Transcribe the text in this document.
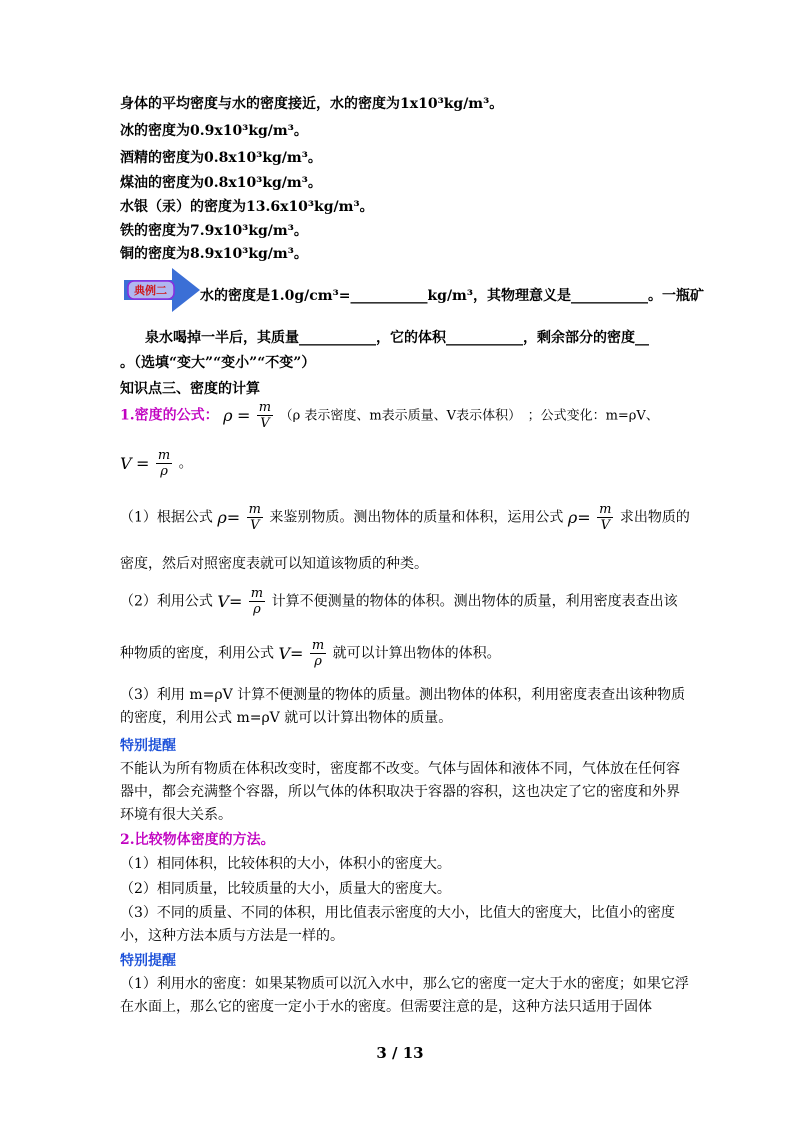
身体的平均密度与水的密度接近，水的密度为1x10³kg/m³。
冰的密度为0.9x10³kg/m³。
酒精的密度为0.8x10³kg/m³。
煤油的密度为0.8x10³kg/m³。
水银（汞）的密度为13.6x10³kg/m³。
铁的密度为7.9x10³kg/m³。
铜的密度为8.9x10³kg/m³。
典例二 水的密度是1.0g/cm³=___________kg/m³，其物理意义是___________。一瓶矿
泉水喝掉一半后，其质量___________，它的体积___________，剩余部分的密度__
。（选填“变大”“变小”“不变”）
知识点三、密度的计算
1.密度的公式： $\rho = \frac{m}{V} (\rho$ 表示密度、m表示质量、V表示体积）　；公式变化：m=ρV、
$V = \frac{m}{\rho}$ 。
（1）根据公式 $\rho= \frac{m}{V}$ 来鉴别物质。测出物体的质量和体积，运用公式 $\rho= \frac{m}{V}$ 求出物质的
密度，然后对照密度表就可以知道该物质的种类。
（2）利用公式 $V= \frac{m}{\rho}$ 计算不便测量的物体的体积。测出物体的质量，利用密度表查出该
种物质的密度，利用公式 $V= \frac{m}{\rho}$ 就可以计算出物体的体积。
（3）利用 m=ρV 计算不便测量的物体的质量。测出物体的体积，利用密度表查出该种物质的密度，利用公式 m=ρV 就可以计算出物体的质量。
特别提醒
不能认为所有物质在体积改变时，密度都不改变。气体与固体和液体不同，气体放在任何容器中，都会充满整个容器，所以气体的体积取决于容器的容积，这也决定了它的密度和外界环境有很大关系。
2.比较物体密度的方法。
（1）相同体积，比较体积的大小，体积小的密度大。
（2）相同质量，比较质量的大小，质量大的密度大。
（3）不同的质量、不同的体积，用比值表示密度的大小，比值大的密度大，比值小的密度小，这种方法本质与方法是一样的。
特别提醒
（1）利用水的密度：如果某物质可以沉入水中，那么它的密度一定大于水的密度；如果它浮在水面上，那么它的密度一定小于水的密度。但需要注意的是，这种方法只适用于固体
3 / 13
